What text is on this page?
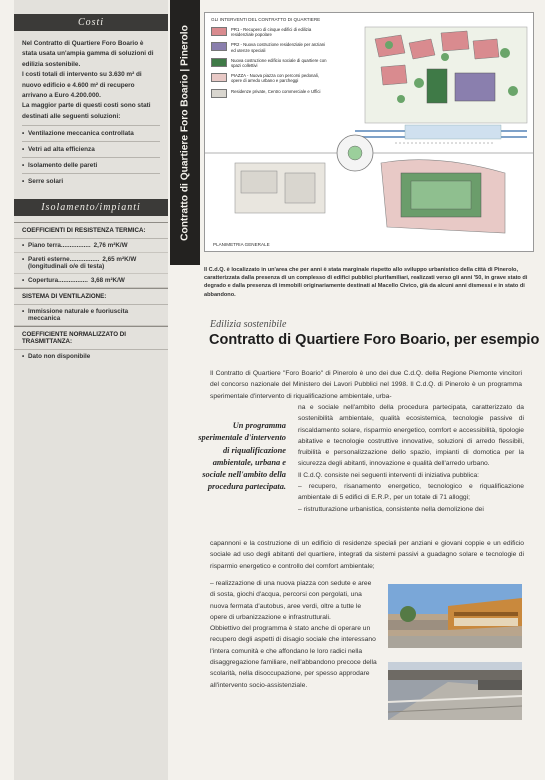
Costi

Nel Contratto di Quartiere Foro Boario è stata usata un'ampia gamma di soluzioni di edilizia sostenibile.
I costi totali di intervento su 3.630 m² di nuovo edificio e 4.600 m² di recupero arrivano a Euro 4.200.000.
La maggior parte di questi costi sono stati destinati alle seguenti soluzioni:

• Ventilazione meccanica controllata
• Vetri ad alta efficienza
• Isolamento delle pareti
• Serre solari
Isolamento/impianti
COEFFICIENTI DI RESISTENZA TERMICA:
• Piano terra................. 2,76 m²K/W
• Pareti esterne................. 2,65 m²K/W
(longitudinali o/e di testa)
• Copertura................. 3,68 m²K/W
SISTEMA DI VENTILAZIONE:
• Immissione naturale e fuoriuscita meccanica
COEFFICIENTE NORMALIZZATO DI TRASMITTANZA:
• Dato non disponibile
Contratto di Quartiere Foro Boario | Pinerolo
GLI INTERVENTI DEL CONTRATTO DI QUARTIERE
PR1 - Recupero di cinque edifici di edilizia residenziale popolare
PR2 - Nuova costruzione residenziale per anziani ed utenze speciali
Nuova costruzione edificio sociale di quartiere con spazi collettivi
PIAZZA - Nuova piazza con percorsi pedonali, opere di arredo urbano e parcheggi
Residenze private, Centro commerciale e Uffici
PLANIMETRIA GENERALE
Il C.d.Q. è localizzato in un'area che per anni è stata marginale rispetto allo sviluppo urbanistico della città di Pinerolo, caratterizzata dalla presenza di un complesso di edifici pubblici plurifamiliari, realizzati verso gli anni '50, in grave stato di degrado e dalla presenza di immobili originariamente destinati al Macello Civico, già da alcuni anni dismessi e in stato di abbandono.
Edilizia sostenibile
Contratto di Quartiere Foro Boario, per esempio
Il Contratto di Quartiere "Foro Boario" di Pinerolo è uno dei due C.d.Q. della Regione Piemonte vincitori del concorso nazionale del Ministero dei Lavori Pubblici nel 1998. Il C.d.Q. di Pinerolo è un programma sperimentale d'intervento di riqualificazione ambientale, urba-
na e sociale nell'ambito della procedura partecipata, caratterizzato da sostenibilità ambientale, qualità ecosistemica, tecnologie passive di riscaldamento solare, risparmio energetico, comfort e accessibilità, tipologie abitative e tecnologie costruttive innovative, soluzioni di arredo flessibili, fruibilità e personalizzazione dello spazio, impianti di domotica per la sicurezza degli abitanti, innovazione e qualità dell'arredo urbano.
Il C.d.Q. consiste nei seguenti interventi di iniziativa pubblica:
– recupero, risanamento energetico, tecnologico e riqualificazione ambientale di 5 edifici di E.R.P., per un totale di 71 alloggi;
– ristrutturazione urbanistica, consistente nella demolizione dei
Un programma sperimentale d'intervento di riqualificazione ambientale, urbana e sociale nell'ambito della procedura partecipata.
capannoni e la costruzione di un edificio di residenze speciali per anziani e giovani coppie e un edificio sociale ad uso degli abitanti del quartiere, integrati da sistemi passivi a guadagno solare e tecnologie di risparmio energetico e controllo del comfort ambientale;
– realizzazione di una nuova piazza con sedute e aree di sosta, giochi d'acqua, percorsi con pergolati, una nuova fermata d'autobus, aree verdi, oltre a tutte le opere di urbanizzazione e infrastrutturali.
Obbiettivo del programma è stato anche di operare un recupero degli aspetti di disagio sociale che interessano l'intera comunità e che affondano le loro radici nella disaggregazione familiare, nell'abbandono precoce della scolarità, nella disoccupazione, per spesso approdare all'intervento socio-assistenziale.
